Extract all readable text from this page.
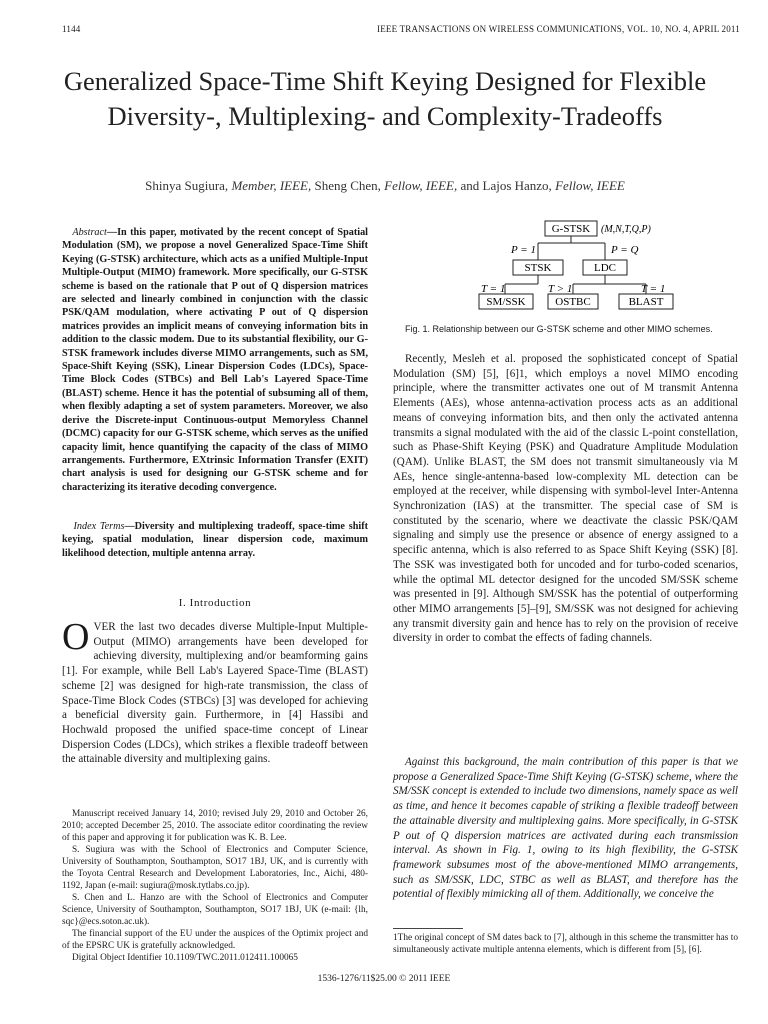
1144	IEEE TRANSACTIONS ON WIRELESS COMMUNICATIONS, VOL. 10, NO. 4, APRIL 2011
Generalized Space-Time Shift Keying Designed for Flexible Diversity-, Multiplexing- and Complexity-Tradeoffs
Shinya Sugiura, Member, IEEE, Sheng Chen, Fellow, IEEE, and Lajos Hanzo, Fellow, IEEE
Abstract—In this paper, motivated by the recent concept of Spatial Modulation (SM), we propose a novel Generalized Space-Time Shift Keying (G-STSK) architecture, which acts as a unified Multiple-Input Multiple-Output (MIMO) framework. More specifically, our G-STSK scheme is based on the rationale that P out of Q dispersion matrices are selected and linearly combined in conjunction with the classic PSK/QAM modulation, where activating P out of Q dispersion matrices provides an implicit means of conveying information bits in addition to the classic modem. Due to its substantial flexibility, our G-STSK framework includes diverse MIMO arrangements, such as SM, Space-Shift Keying (SSK), Linear Dispersion Codes (LDCs), Space-Time Block Codes (STBCs) and Bell Lab's Layered Space-Time (BLAST) scheme. Hence it has the potential of subsuming all of them, when flexibly adapting a set of system parameters. Moreover, we also derive the Discrete-input Continuous-output Memoryless Channel (DCMC) capacity for our G-STSK scheme, which serves as the unified capacity limit, hence quantifying the capacity of the class of MIMO arrangements. Furthermore, EXtrinsic Information Transfer (EXIT) chart analysis is used for designing our G-STSK scheme and for characterizing its iterative decoding convergence.
Index Terms—Diversity and multiplexing tradeoff, space-time shift keying, spatial modulation, linear dispersion code, maximum likelihood detection, multiple antenna array.
I. Introduction
OVER the last two decades diverse Multiple-Input Multiple-Output (MIMO) arrangements have been developed for achieving diversity, multiplexing and/or beamforming gains [1]. For example, while Bell Lab's Layered Space-Time (BLAST) scheme [2] was designed for high-rate transmission, the class of Space-Time Block Codes (STBCs) [3] was developed for achieving a beneficial diversity gain. Furthermore, in [4] Hassibi and Hochwald proposed the unified space-time concept of Linear Dispersion Codes (LDCs), which strikes a flexible tradeoff between the attainable diversity and multiplexing gains.

Manuscript received January 14, 2010; revised July 29, 2010 and October 26, 2010; accepted December 25, 2010. The associate editor coordinating the review of this paper and approving it for publication was K. B. Lee.

S. Sugiura was with the School of Electronics and Computer Science, University of Southampton, Southampton, SO17 1BJ, UK, and is currently with the Toyota Central Research and Development Laboratories, Inc., Aichi, 480-1192, Japan (e-mail: sugiura@mosk.tytlabs.co.jp).

S. Chen and L. Hanzo are with the School of Electronics and Computer Science, University of Southampton, Southampton, SO17 1BJ, UK (e-mail: {lh, sqc}@ecs.soton.ac.uk).

The financial support of the EU under the auspices of the Optimix project and of the EPSRC UK is gratefully acknowledged.

Digital Object Identifier 10.1109/TWC.2011.012411.100065

G-STSK (M,N,T,Q,P)
P = 1	P = Q
STSK	LDC
T = 1	T > 1	T = 1
SM/SSK	OSTBC	BLAST
Fig. 1. Relationship between our G-STSK scheme and other MIMO schemes.

Recently, Mesleh et al. proposed the sophisticated concept of Spatial Modulation (SM) [5], [6]1, which employs a novel MIMO encoding principle, where the transmitter activates one out of M transmit Antenna Elements (AEs), whose antenna-activation process acts as an additional means of conveying information bits, and then only the activated antenna transmits a signal modulated with the aid of the classic L-point constellation, such as Phase-Shift Keying (PSK) and Quadrature Amplitude Modulation (QAM). Unlike BLAST, the SM does not transmit simultaneously via M AEs, hence single-antenna-based low-complexity ML detection can be employed at the receiver, while dispensing with symbol-level Inter-Antenna Synchronization (IAS) at the transmitter. The special case of SM is constituted by the scenario, where we deactivate the classic PSK/QAM signaling and simply use the presence or absence of energy assigned to a specific antenna, which is also referred to as Space Shift Keying (SSK) [8]. The SSK was investigated both for uncoded and for turbo-coded scenarios, while the optimal ML detector designed for the uncoded SM/SSK scheme was presented in [9]. Although SM/SSK has the potential of outperforming other MIMO arrangements [5]–[9], SM/SSK was not designed for achieving any transmit diversity gain and hence has to rely on the provision of receive diversity in order to combat the effects of fading channels.

Against this background, the main contribution of this paper is that we propose a Generalized Space-Time Shift Keying (G-STSK) scheme, where the SM/SSK concept is extended to include two dimensions, namely space as well as time, and hence it becomes capable of striking a flexible tradeoff between the attainable diversity and multiplexing gains. More specifically, in G-STSK P out of Q dispersion matrices are activated during each transmission interval. As shown in Fig. 1, owing to its high flexibility, the G-STSK framework subsumes most of the above-mentioned MIMO arrangements, such as SM/SSK, LDC, STBC as well as BLAST, and therefore has the potential of flexibly mimicking all of them. Additionally, we conceive the

1The original concept of SM dates back to [7], although in this scheme the transmitter has to simultaneously activate multiple antenna elements, which is different from [5], [6].
1536-1276/11$25.00 © 2011 IEEE
